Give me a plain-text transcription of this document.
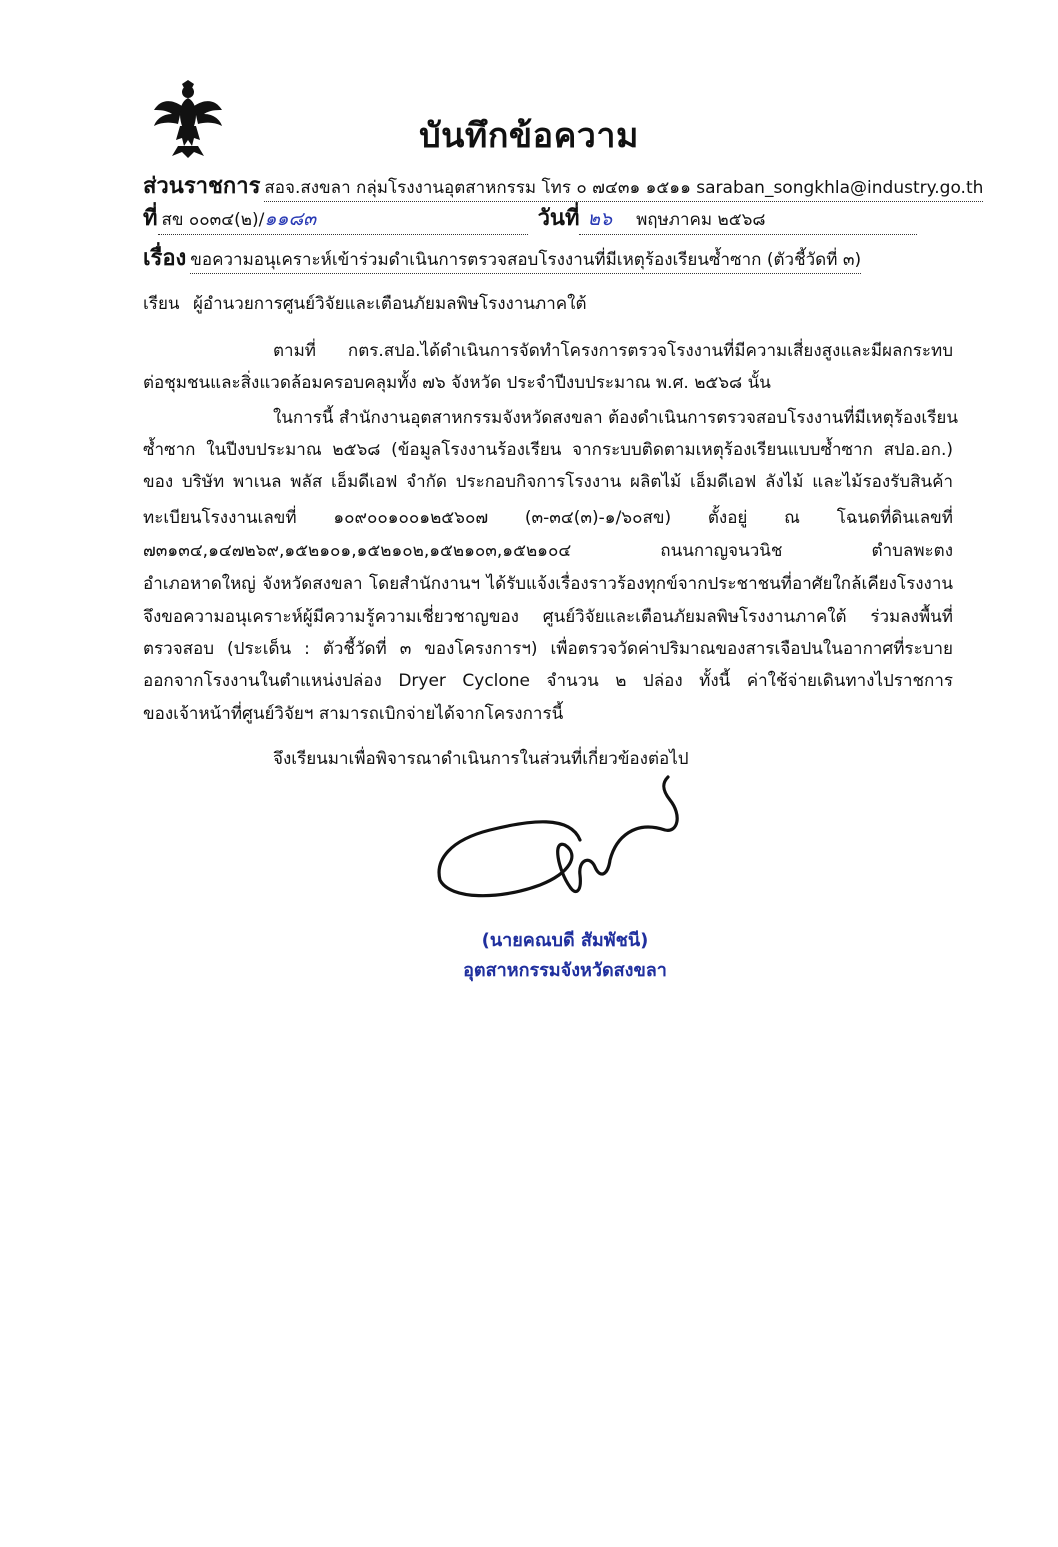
บันทึกข้อความ
ส่วนราชการ สอจ.สงขลา กลุ่มโรงงานอุตสาหกรรม โทร ๐ ๗๔๓๑ ๑๕๑๑ saraban_songkhla@industry.go.th
ที่ สข ๐๐๓๔(๒)/๑๑๘๓	วันที่ ๒๖ พฤษภาคม ๒๕๖๘
เรื่อง ขอความอนุเคราะห์เข้าร่วมดำเนินการตรวจสอบโรงงานที่มีเหตุร้องเรียนซ้ำซาก (ตัวชี้วัดที่ ๓)
เรียน ผู้อำนวยการศูนย์วิจัยและเตือนภัยมลพิษโรงงานภาคใต้
ตามที่ กตร.สปอ.ได้ดำเนินการจัดทำโครงการตรวจโรงงานที่มีความเสี่ยงสูงและมีผลกระทบ
ต่อชุมชนและสิ่งแวดล้อมครอบคลุมทั้ง ๗๖ จังหวัด ประจำปีงบประมาณ พ.ศ. ๒๕๖๘ นั้น
ในการนี้ สำนักงานอุตสาหกรรมจังหวัดสงขลา ต้องดำเนินการตรวจสอบโรงงานที่มีเหตุร้องเรียน
ซ้ำซาก ในปีงบประมาณ ๒๕๖๘ (ข้อมูลโรงงานร้องเรียน จากระบบติดตามเหตุร้องเรียนแบบซ้ำซาก สปอ.อก.)
ของ บริษัท พาเนล พลัส เอ็มดีเอฟ จำกัด ประกอบกิจการโรงงาน ผลิตไม้ เอ็มดีเอฟ ลังไม้ และไม้รองรับสินค้า
ทะเบียนโรงงานเลขที่ ๑๐๙๐๐๑๐๐๑๒๕๖๐๗ (๓-๓๔(๓)-๑/๖๐สข) ตั้งอยู่ ณ โฉนดที่ดินเลขที่
๗๓๑๓๔,๑๔๗๒๖๙,๑๕๒๑๐๑,๑๕๒๑๐๒,๑๕๒๑๐๓,๑๕๒๑๐๔ ถนนกาญจนวนิช ตำบลพะตง
อำเภอหาดใหญ่ จังหวัดสงขลา โดยสำนักงานฯ ได้รับแจ้งเรื่องราวร้องทุกข์จากประชาชนที่อาศัยใกล้เคียงโรงงาน
จึงขอความอนุเคราะห์ผู้มีความรู้ความเชี่ยวชาญของ ศูนย์วิจัยและเตือนภัยมลพิษโรงงานภาคใต้ ร่วมลงพื้นที่
ตรวจสอบ (ประเด็น : ตัวชี้วัดที่ ๓ ของโครงการฯ) เพื่อตรวจวัดค่าปริมาณของสารเจือปนในอากาศที่ระบาย
ออกจากโรงงานในตำแหน่งปล่อง Dryer Cyclone จำนวน ๒ ปล่อง ทั้งนี้ ค่าใช้จ่ายเดินทางไปราชการ
ของเจ้าหน้าที่ศูนย์วิจัยฯ สามารถเบิกจ่ายได้จากโครงการนี้
จึงเรียนมาเพื่อพิจารณาดำเนินการในส่วนที่เกี่ยวข้องต่อไป
(นายคณบดี สัมพัชนี)
อุตสาหกรรมจังหวัดสงขลา
